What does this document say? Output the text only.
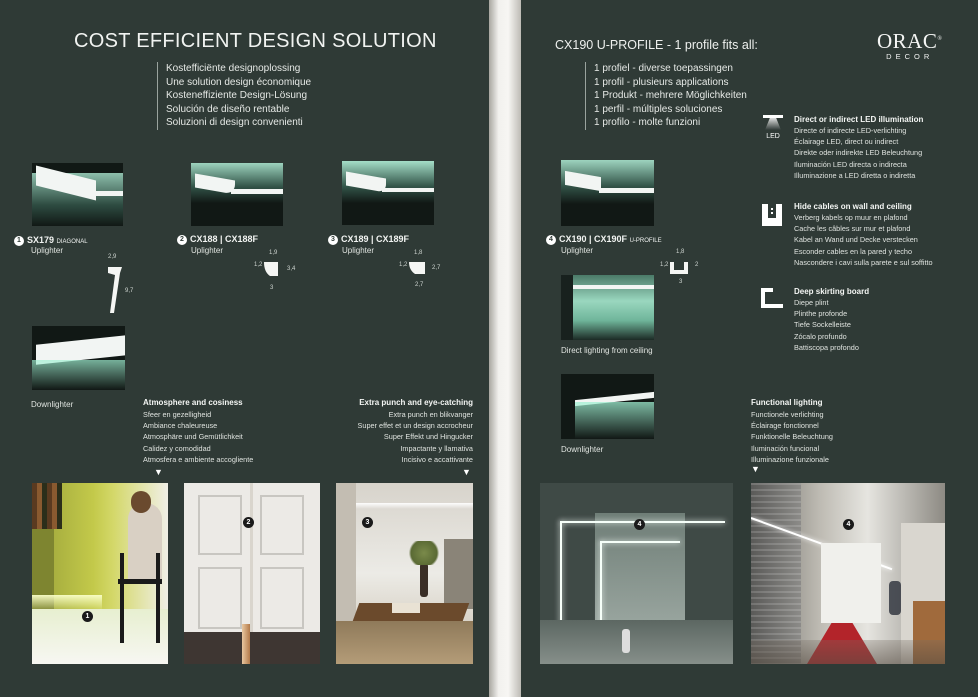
COST EFFICIENT DESIGN SOLUTION
Kostefficiënte designoplossing
Une solution design économique
Kosteneffiziente Design-Lösung
Solución de diseño rentable
Soluzioni di design convenienti
1 SX179 DIAGONAL
Uplighter
2,9
9,7
2 CX188 | CX188F
Uplighter	1,9
1,2
3,4
3
3 CX189 | CX189F
Uplighter	1,8
1,2	2,7
2,7
Downlighter	Atmosphere and cosiness
Sfeer en gezelligheid
Ambiance chaleureuse
Atmosphäre und Gemütlichkeit
Calidez y comodidad
Atmosfera e ambiente accogliente
▼
Extra punch and eye-catching
Extra punch en blikvanger
Super effet et un design accrocheur
Super Effekt und Hingucker
Impactante y llamativa
Incisivo e accattivante
▼
1
2	3
CX190 U-PROFILE - 1 profile fits all:
1 profiel - diverse toepassingen
1 profil - plusieurs applications
1 Produkt - mehrere Möglichkeiten
1 perfil - múltiples soluciones
1 profilo - molte funzioni
4 CX190 | CX190F U-PROFILE
Uplighter	1,8
1,2	2
3
Direct lighting from ceiling
Downlighter
ORAC®
DECOR
LED
Direct or indirect LED illumination
Directe of indirecte LED-verlichting
Éclairage LED, direct ou indirect
Direkte oder indirekte LED Beleuchtung
Iluminación LED directa o indirecta
Illuminazione a LED diretta o indiretta
Hide cables on wall and ceiling
Verberg kabels op muur en plafond
Cache les câbles sur mur et plafond
Kabel an Wand und Decke verstecken
Esconder cables en la pared y techo
Nascondere i cavi sulla parete e sul soffitto
Deep skirting board
Diepe plint
Plinthe profonde
Tiefe Sockelleiste
Zócalo profundo
Battiscopa profondo
Functional lighting
Functionele verlichting
Éclairage fonctionnel
Funktionelle Beleuchtung
Iluminación funcional
Illuminazione funzionale
▼
4	4
